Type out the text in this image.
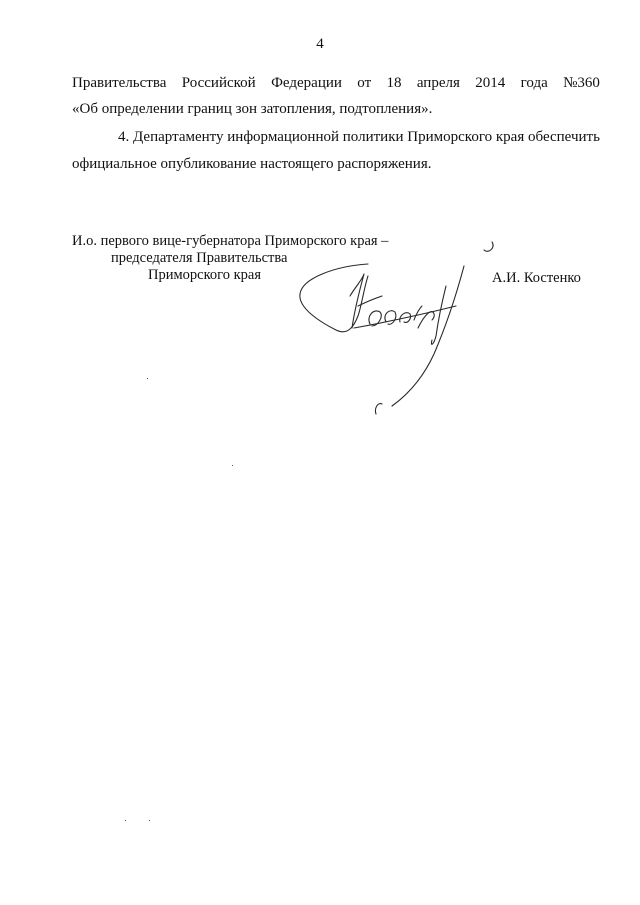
4
Правительства Российской Федерации от 18 апреля 2014 года №360
«Об определении границ зон затопления, подтопления».
4. Департаменту информационной политики Приморского края обеспечить
официальное опубликование настоящего распоряжения.
И.о. первого вице-губернатора Приморского края –
председателя Правительства
Приморского края	А.И. Костенко
